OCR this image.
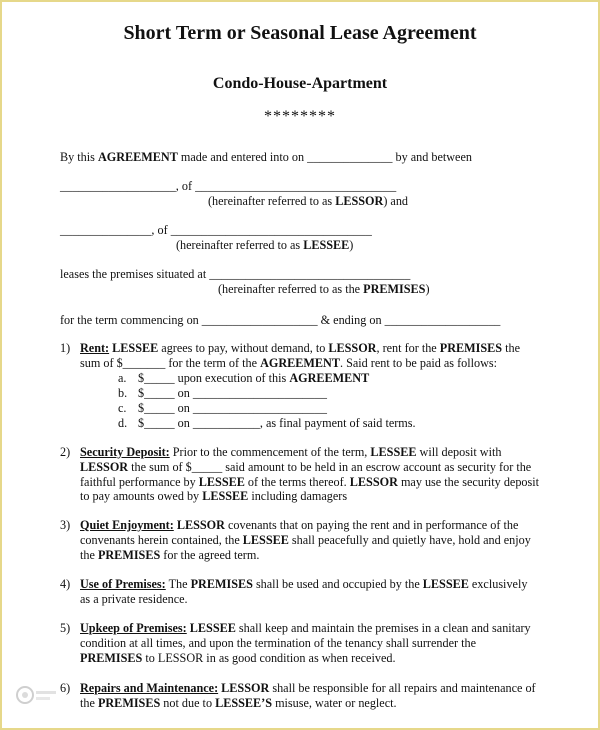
Short Term or Seasonal Lease Agreement
Condo-House-Apartment
********
By this AGREEMENT made and entered into on ______________ by and between
___________________, of _________________________________
(hereinafter referred to as LESSOR) and
_______________, of _________________________________
(hereinafter referred to as LESSEE)
leases the premises situated at _________________________________
(hereinafter referred to as the PREMISES)
for the term commencing on ___________________ & ending on ___________________
1) Rent: LESSEE agrees to pay, without demand, to LESSOR, rent for the PREMISES the sum of $_______ for the term of the AGREEMENT. Said rent to be paid as follows:
a. $_____ upon execution of this AGREEMENT
b. $_____ on ______________________
c. $_____ on ______________________
d. $_____ on ___________, as final payment of said terms.
2) Security Deposit: Prior to the commencement of the term, LESSEE will deposit with LESSOR the sum of $_____ said amount to be held in an escrow account as security for the faithful performance by LESSEE of the terms thereof. LESSOR may use the security deposit to pay amounts owed by LESSEE including damagers
3) Quiet Enjoyment: LESSOR covenants that on paying the rent and in performance of the convenants herein contained, the LESSEE shall peacefully and quietly have, hold and enjoy the PREMISES for the agreed term.
4) Use of Premises: The PREMISES shall be used and occupied by the LESSEE exclusively as a private residence.
5) Upkeep of Premises: LESSEE shall keep and maintain the premises in a clean and sanitary condition at all times, and upon the termination of the tenancy shall surrender the PREMISES to LESSOR in as good condition as when received.
6) Repairs and Maintenance: LESSOR shall be responsible for all repairs and maintenance of the PREMISES not due to LESSEE’S misuse, water or neglect.
